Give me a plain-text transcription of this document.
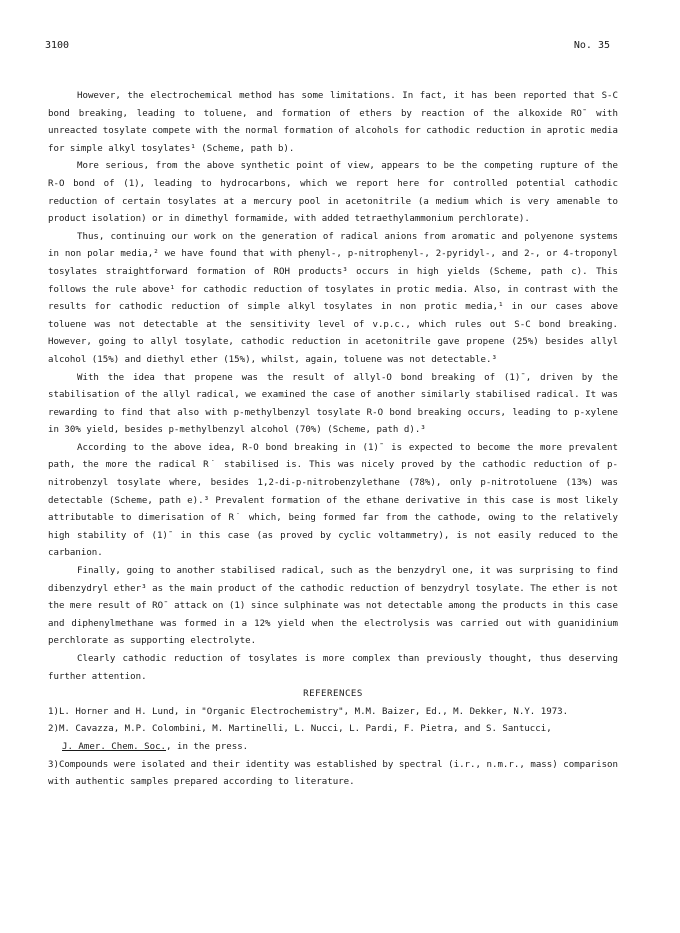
3100	No. 35

However, the electrochemical method has some limitations. In fact, it has been reported that S-C bond breaking, leading to toluene, and formation of ethers by reaction of the alkoxide RO¯ with unreacted tosylate compete with the normal formation of alcohols for cathodic reduction in aprotic media for simple alkyl tosylates¹ (Scheme, path b).

More serious, from the above synthetic point of view, appears to be the competing rupture of the R-O bond of (1), leading to hydrocarbons, which we report here for controlled potential cathodic reduction of certain tosylates at a mercury pool in acetonitrile (a medium which is very amenable to product isolation) or in dimethyl formamide, with added tetraethylammonium perchlorate).

Thus, continuing our work on the generation of radical anions from aromatic and polyenone systems in non polar media,² we have found that with phenyl-, p-nitrophenyl-, 2-pyridyl-, and 2-, or 4-troponyl tosylates straightforward formation of ROH products³ occurs in high yields (Scheme, path c). This follows the rule above¹ for cathodic reduction of tosylates in protic media. Also, in contrast with the results for cathodic reduction of simple alkyl tosylates in non protic media,¹ in our cases above toluene was not detectable at the sensitivity level of v.p.c., which rules out S-C bond breaking. However, going to allyl tosylate, cathodic reduction in acetonitrile gave propene (25%) besides allyl alcohol (15%) and diethyl ether (15%), whilst, again, toluene was not detectable.³

With the idea that propene was the result of allyl-O bond breaking of (1)¯, driven by the stabilisation of the allyl radical, we examined the case of another similarly stabilised radical. It was rewarding to find that also with p-methylbenzyl tosylate R-O bond breaking occurs, leading to p-xylene in 30% yield, besides p-methylbenzyl alcohol (70%) (Scheme, path d).³

According to the above idea, R-O bond breaking in (1)¯ is expected to become the more prevalent path, the more the radical R˙ stabilised is. This was nicely proved by the cathodic reduction of p-nitrobenzyl tosylate where, besides 1,2-di-p-nitrobenzylethane (78%), only p-nitrotoluene (13%) was detectable (Scheme, path e).³ Prevalent formation of the ethane derivative in this case is most likely attributable to dimerisation of R˙ which, being formed far from the cathode, owing to the relatively high stability of (1)¯ in this case (as proved by cyclic voltammetry), is not easily reduced to the carbanion.

Finally, going to another stabilised radical, such as the benzydryl one, it was surprising to find dibenzydryl ether³ as the main product of the cathodic reduction of benzydryl tosylate. The ether is not the mere result of RO¯ attack on (1) since sulphinate was not detectable among the products in this case and diphenylmethane was formed in a 12% yield when the electrolysis was carried out with guanidinium perchlorate as supporting electrolyte.

Clearly cathodic reduction of tosylates is more complex than previously thought, thus deserving further attention.

REFERENCES

1)L. Horner and H. Lund, in "Organic Electrochemistry", M.M. Baizer, Ed., M. Dekker, N.Y. 1973.

2)M. Cavazza, M.P. Colombini, M. Martinelli, L. Nucci, L. Pardi, F. Pietra, and S. Santucci,
J. Amer. Chem. Soc., in the press.

3)Compounds were isolated and their identity was established by spectral (i.r., n.m.r., mass) comparison with authentic samples prepared according to literature.
